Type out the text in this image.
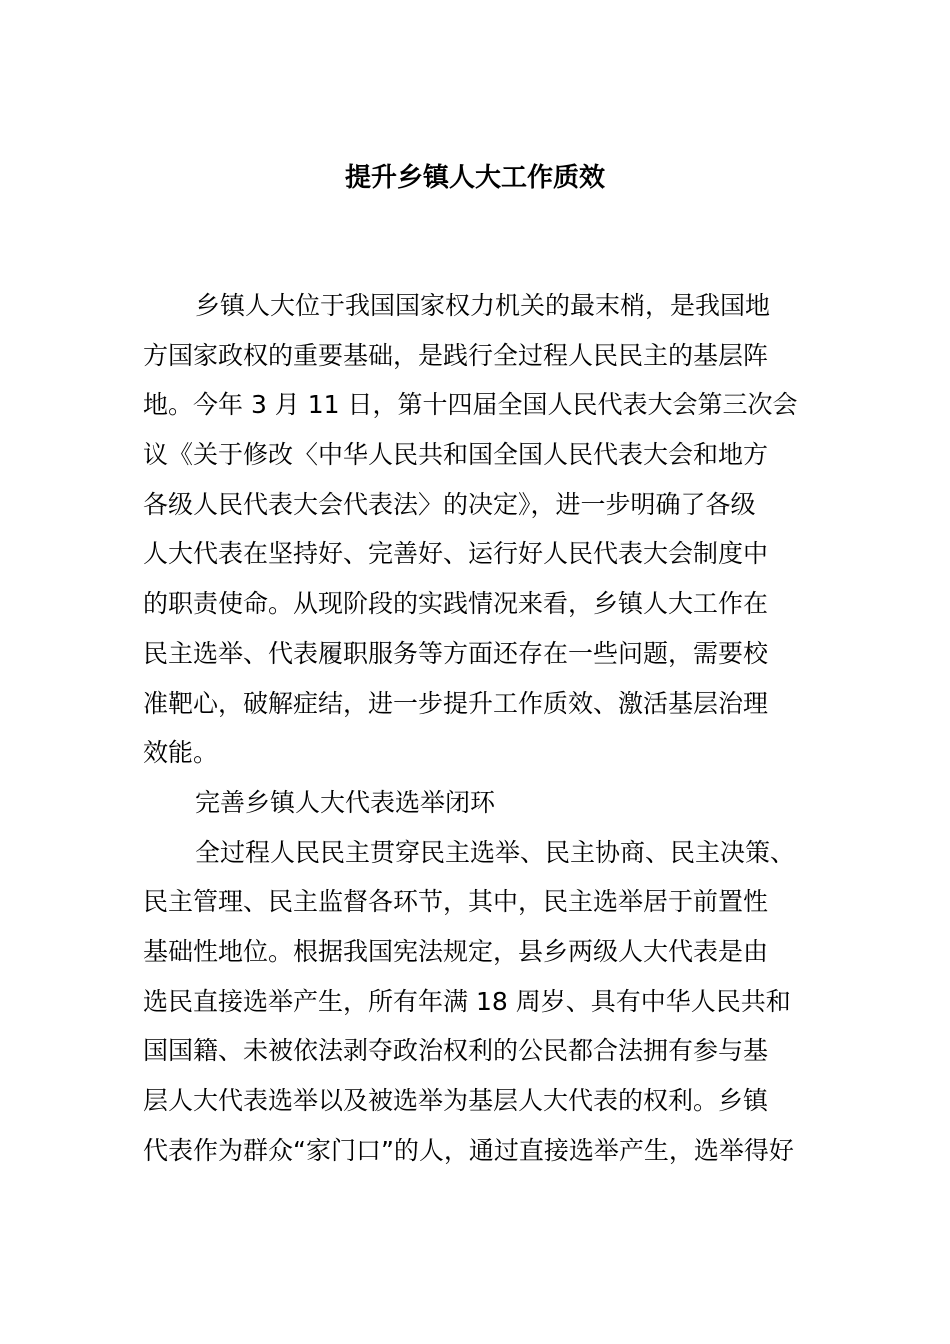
提升乡镇人大工作质效
乡镇人大位于我国国家权力机关的最末梢，是我国地
方国家政权的重要基础，是践行全过程人民民主的基层阵
地。今年 3 月 11 日，第十四届全国人民代表大会第三次会
议《关于修改〈中华人民共和国全国人民代表大会和地方
各级人民代表大会代表法〉的决定》，进一步明确了各级
人大代表在坚持好、完善好、运行好人民代表大会制度中
的职责使命。从现阶段的实践情况来看，乡镇人大工作在
民主选举、代表履职服务等方面还存在一些问题，需要校
准靶心，破解症结，进一步提升工作质效、激活基层治理
效能。
完善乡镇人大代表选举闭环
全过程人民民主贯穿民主选举、民主协商、民主决策、
民主管理、民主监督各环节，其中，民主选举居于前置性
基础性地位。根据我国宪法规定，县乡两级人大代表是由
选民直接选举产生，所有年满 18 周岁、具有中华人民共和
国国籍、未被依法剥夺政治权利的公民都合法拥有参与基
层人大代表选举以及被选举为基层人大代表的权利。乡镇
代表作为群众“家门口”的人，通过直接选举产生，选举得好
